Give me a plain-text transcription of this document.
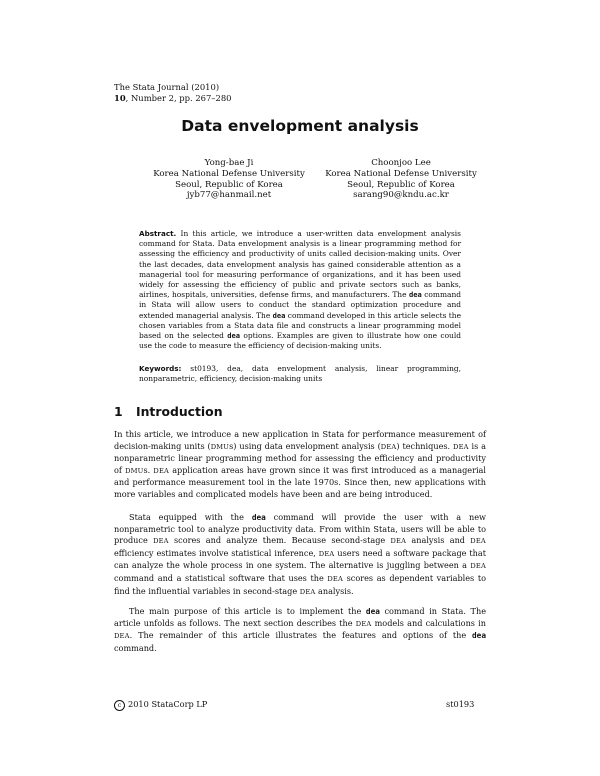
The Stata Journal (2010)
10, Number 2, pp. 267–280
Data envelopment analysis
Yong-bae Ji
Korea National Defense University
Seoul, Republic of Korea
jyb77@hanmail.net
Choonjoo Lee
Korea National Defense University
Seoul, Republic of Korea
sarang90@kndu.ac.kr
Abstract. In this article, we introduce a user-written data envelopment analysis command for Stata. Data envelopment analysis is a linear programming method for assessing the efficiency and productivity of units called decision-making units. Over the last decades, data envelopment analysis has gained considerable attention as a managerial tool for measuring performance of organizations, and it has been used widely for assessing the efficiency of public and private sectors such as banks, airlines, hospitals, universities, defense firms, and manufacturers. The dea command in Stata will allow users to conduct the standard optimization procedure and extended managerial analysis. The dea command developed in this article selects the chosen variables from a Stata data file and constructs a linear programming model based on the selected dea options. Examples are given to illustrate how one could use the code to measure the efficiency of decision-making units.
Keywords: st0193, dea, data envelopment analysis, linear programming, nonparametric, efficiency, decision-making units
1 Introduction
In this article, we introduce a new application in Stata for performance measurement of decision-making units (DMUs) using data envelopment analysis (DEA) techniques. DEA is a nonparametric linear programming method for assessing the efficiency and productivity of DMUs. DEA application areas have grown since it was first introduced as a managerial and performance measurement tool in the late 1970s. Since then, new applications with more variables and complicated models have been and are being introduced.
Stata equipped with the dea command will provide the user with a new nonparametric tool to analyze productivity data. From within Stata, users will be able to produce DEA scores and analyze them. Because second-stage DEA analysis and DEA efficiency estimates involve statistical inference, DEA users need a software package that can analyze the whole process in one system. The alternative is juggling between a DEA command and a statistical software that uses the DEA scores as dependent variables to find the influential variables in second-stage DEA analysis.
The main purpose of this article is to implement the dea command in Stata. The article unfolds as follows. The next section describes the DEA models and calculations in DEA. The remainder of this article illustrates the features and options of the dea command.
c 2010 StataCorp LP	st0193
